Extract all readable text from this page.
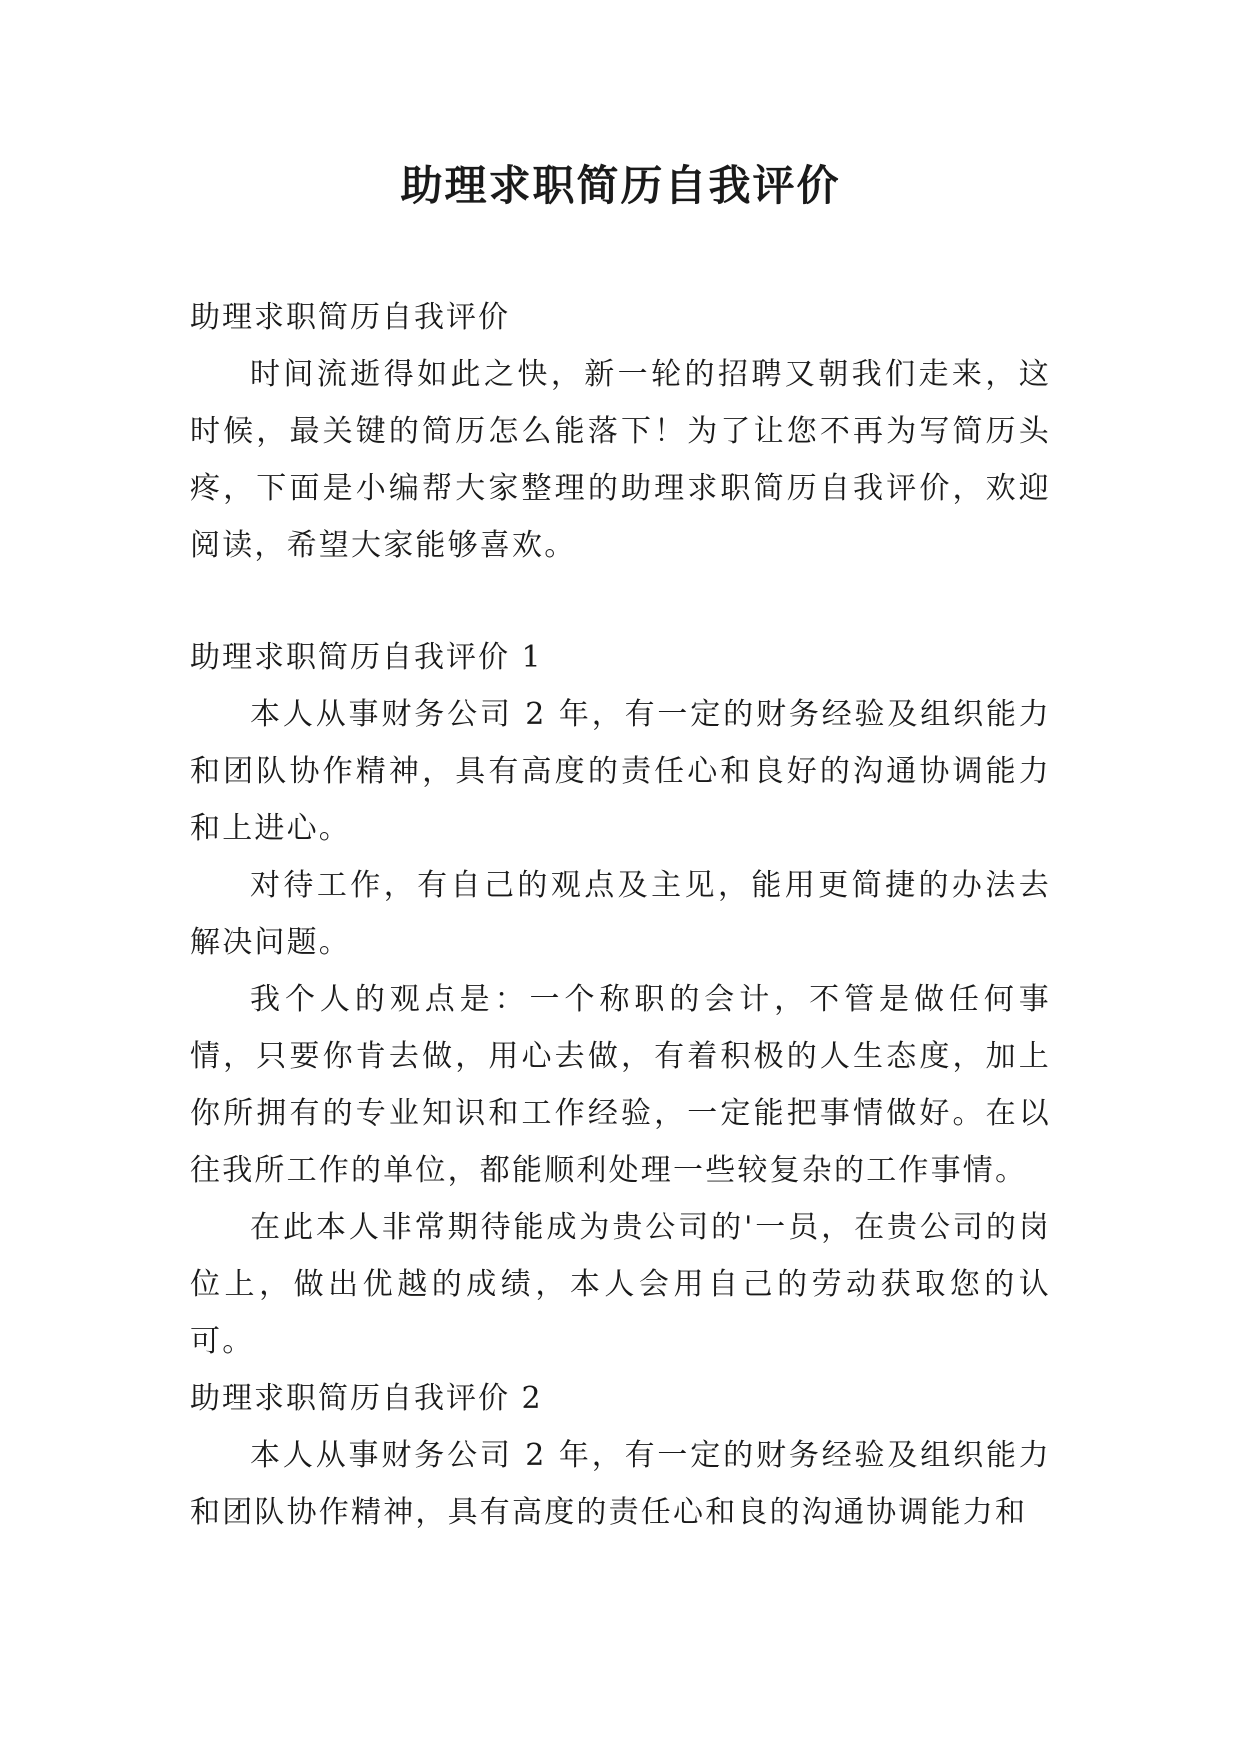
助理求职简历自我评价

助理求职简历自我评价

时间流逝得如此之快，新一轮的招聘又朝我们走来，这时候，最关键的简历怎么能落下！为了让您不再为写简历头疼，下面是小编帮大家整理的助理求职简历自我评价，欢迎阅读，希望大家能够喜欢。

助理求职简历自我评价 1

本人从事财务公司 2 年，有一定的财务经验及组织能力和团队协作精神，具有高度的责任心和良好的沟通协调能力和上进心。

对待工作，有自己的观点及主见，能用更简捷的办法去解决问题。

我个人的观点是：一个称职的会计，不管是做任何事情，只要你肯去做，用心去做，有着积极的人生态度，加上你所拥有的专业知识和工作经验，一定能把事情做好。在以往我所工作的单位，都能顺利处理一些较复杂的工作事情。

在此本人非常期待能成为贵公司的'一员，在贵公司的岗位上，做出优越的成绩，本人会用自己的劳动获取您的认可。

助理求职简历自我评价 2

本人从事财务公司 2 年，有一定的财务经验及组织能力和团队协作精神，具有高度的责任心和良的沟通协调能力和
